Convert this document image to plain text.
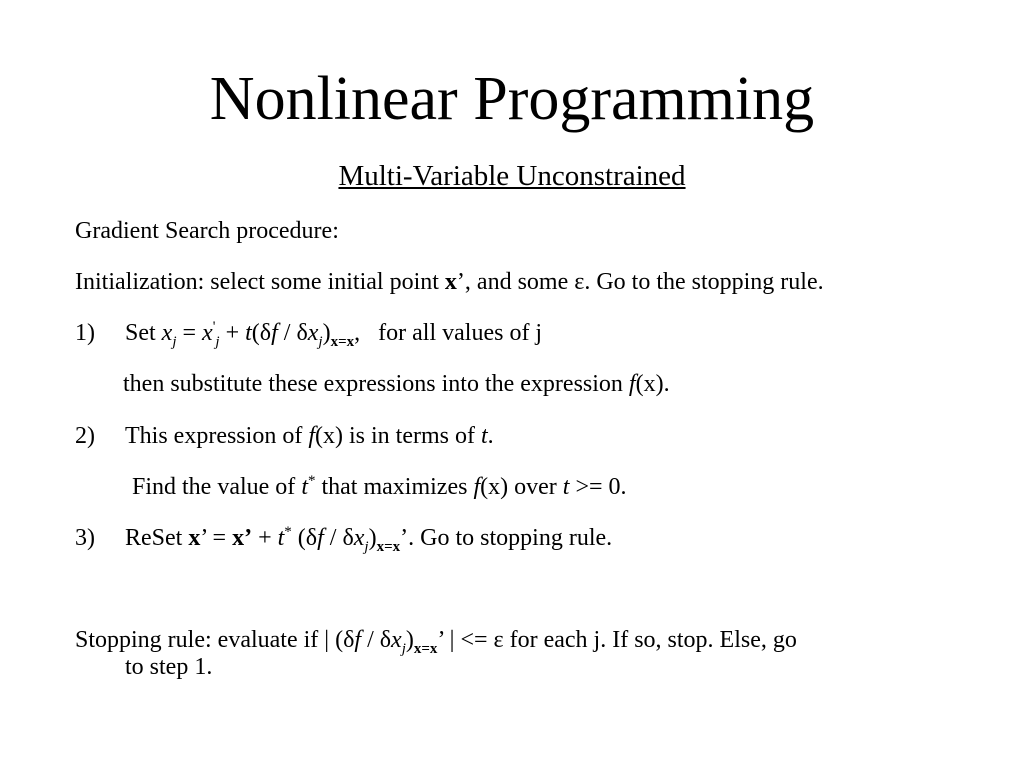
Nonlinear Programming
Multi-Variable Unconstrained
Gradient Search procedure:
Initialization: select some initial point x’, and some ε. Go to the stopping rule.
1) Set $x_j = x'_j + t(\delta f / \delta x_j)_{x=x}$, for all values of j
then substitute these expressions into the expression f(x).
2) This expression of f(x) is in terms of t.
Find the value of t* that maximizes f(x) over t >= 0.
3) ReSet x’ = x’ + t* $(\delta f / \delta x_j)_{x=x}$’. Go to stopping rule.
Stopping rule: evaluate if | $(\delta f / \delta x_j)_{x=x}$’ | <= ε for each j. If so, stop. Else, go
to step 1.
